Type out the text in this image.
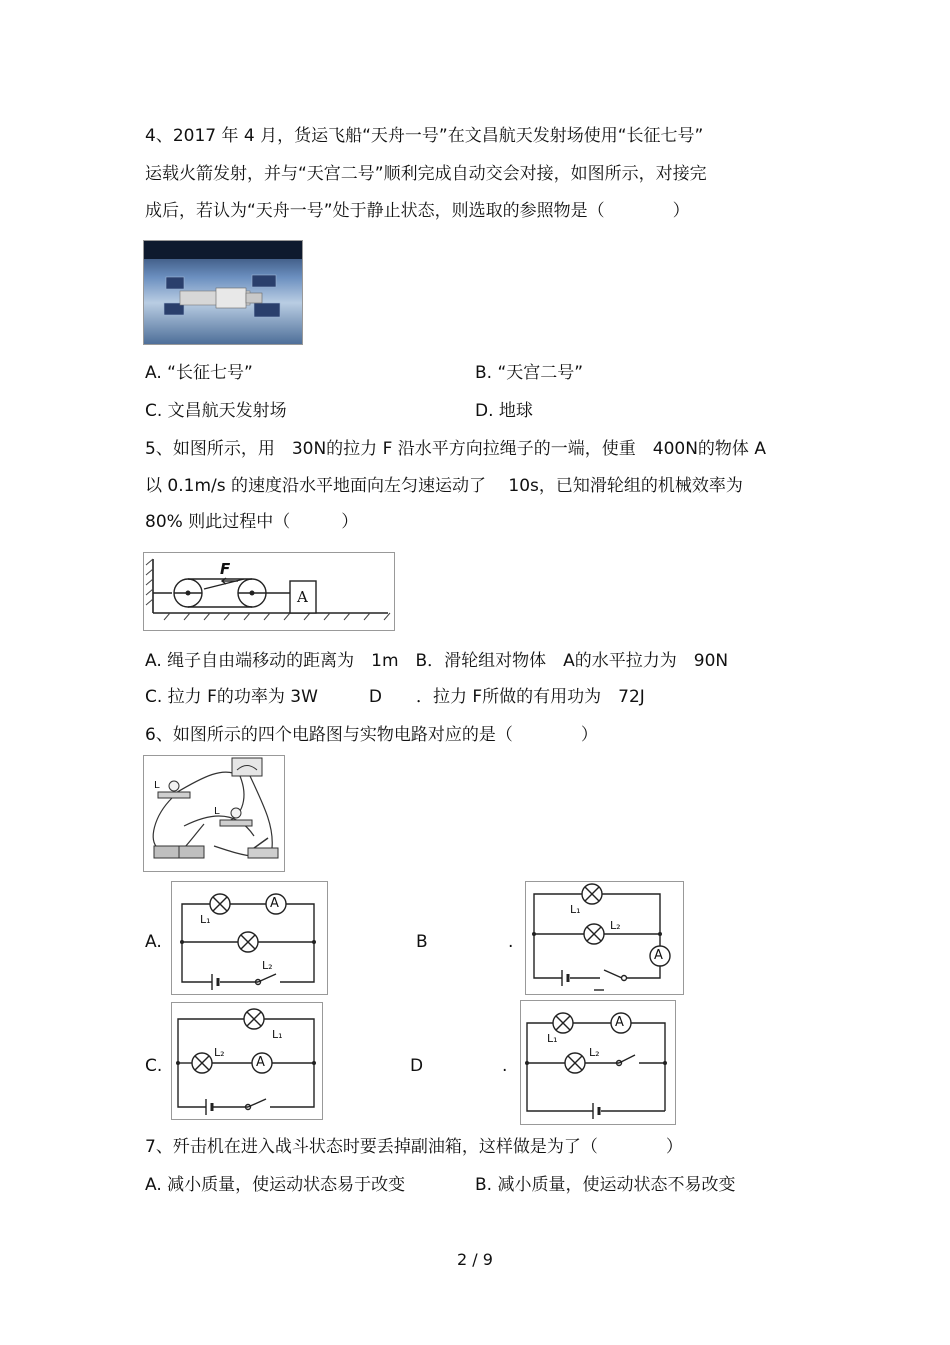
4、2017 年 4 月，货运飞船“天舟一号”在文昌航天发射场使用“长征七号”
运载火箭发射，并与“天宫二号”顺利完成自动交会对接，如图所示，对接完
成后，若认为“天舟一号”处于静止状态，则选取的参照物是（　　　　）
A. “长征七号”	B. “天宫二号”
C. 文昌航天发射场	D. 地球
5、如图所示，用　30N的拉力 F 沿水平方向拉绳子的一端，使重　400N的物体 A
以 0.1m/s 的速度沿水平地面向左匀速运动了　 10s，已知滑轮组的机械效率为
80% 则此过程中（　　　）
F
A
A. 绳子自由端移动的距离为　1m　B．滑轮组对物体　A的水平拉力为　90N
C. 拉力 F的功率为 3W　　　D　　．拉力 F所做的有用功为　72J
6、如图所示的四个电路图与实物电路对应的是（　　　　）
L
L
A.
A
L₁
L₂
B	.
A
L₁
L₂
C.	A
L₁
L₂
D	.
A
L₁
L₂
7、歼击机在进入战斗状态时要丢掉副油箱，这样做是为了（　　　　）
A. 减小质量，使运动状态易于改变	B. 减小质量，使运动状态不易改变
2 / 9
